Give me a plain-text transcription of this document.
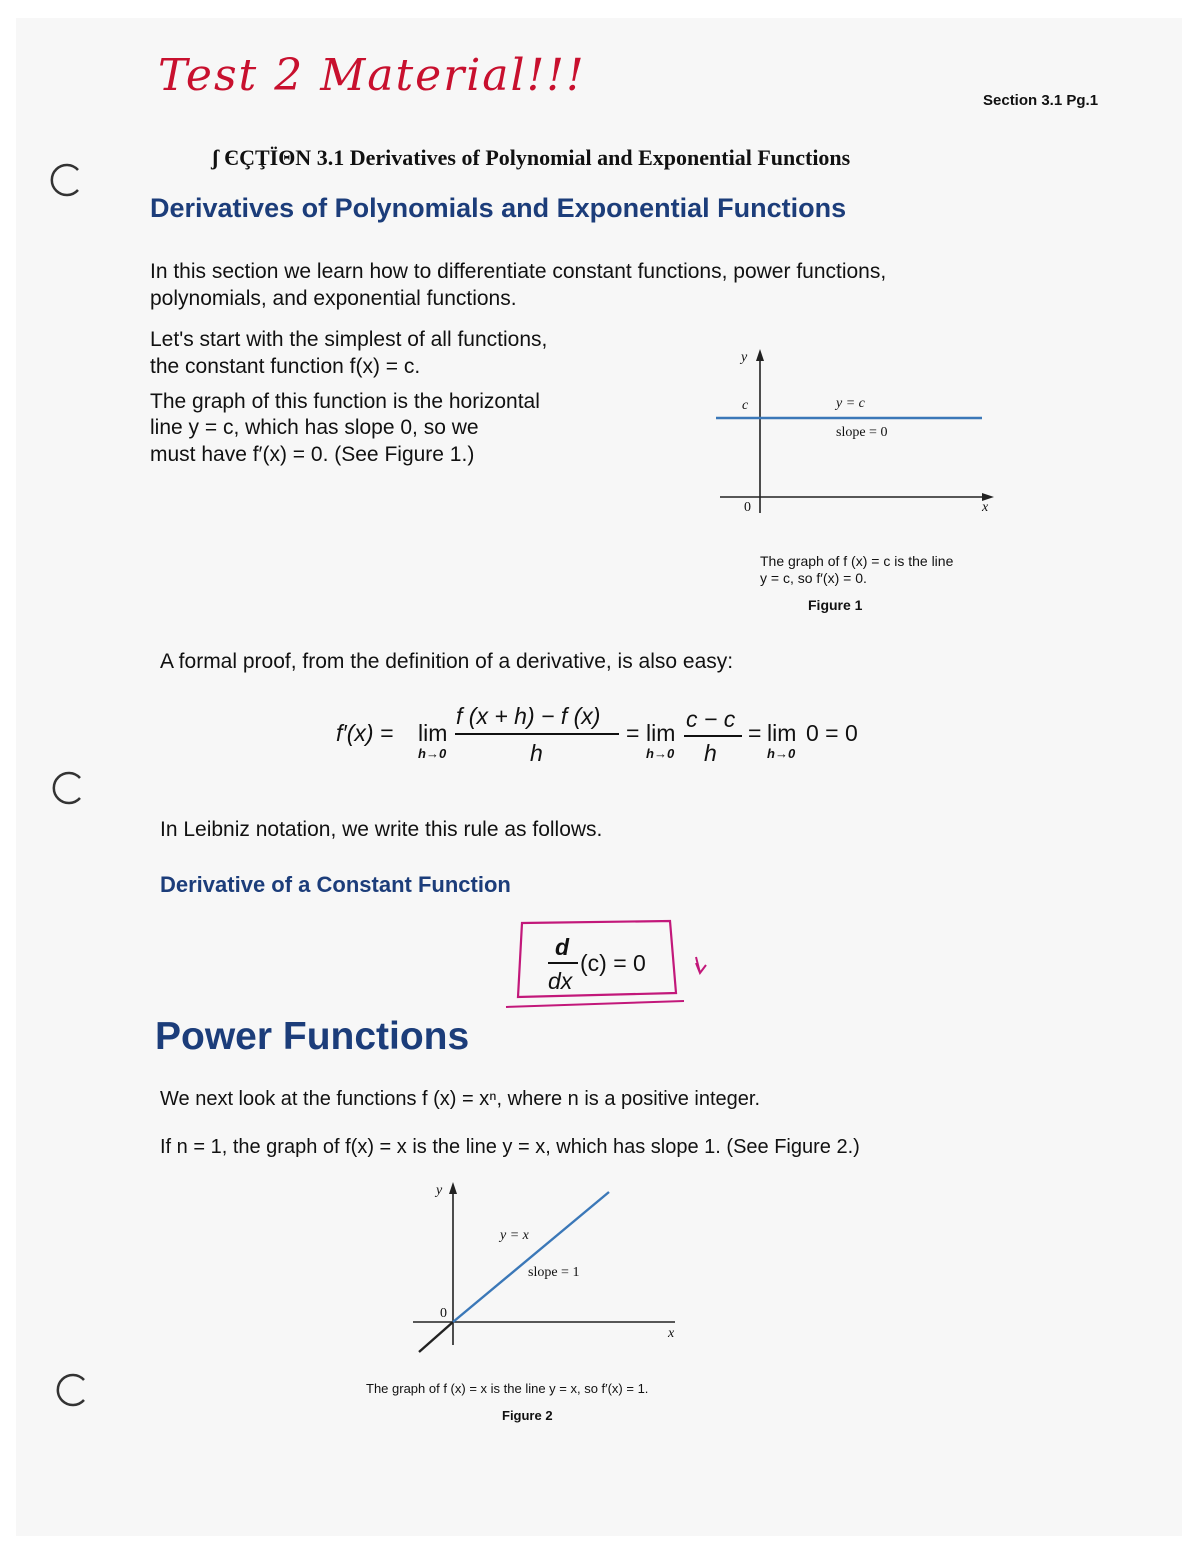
Test 2 Material!!!	Section 3.1 Pg.1
ʃ ЄÇŢÏΘN 3.1 Derivatives of Polynomial and Exponential Functions
Derivatives of Polynomials and Exponential Functions
In this section we learn how to differentiate constant functions, power functions, polynomials, and exponential functions.
Let's start with the simplest of all functions,
the constant function f(x) = c.
The graph of this function is the horizontal
line y = c, which has slope 0, so we
must have f′(x) = 0. (See Figure 1.)
y
c	y = c
slope = 0
0	x
The graph of f (x) = c is the line
y = c, so f′(x) = 0.
Figure 1
A formal proof, from the definition of a derivative, is also easy:
f′(x) = lim
h→0
f (x + h) − f (x)
h
= lim
h→0
c − c
h
= lim
h→0
0 = 0
In Leibniz notation, we write this rule as follows.
Derivative of a Constant Function
d
dx
(c) = 0
Power Functions
We next look at the functions f (x) = xⁿ, where n is a positive integer.
If n = 1, the graph of f(x) = x is the line y = x, which has slope 1. (See Figure 2.)
y
y = x
slope = 1
0
x
The graph of f (x) = x is the line y = x, so f′(x) = 1.
Figure 2
